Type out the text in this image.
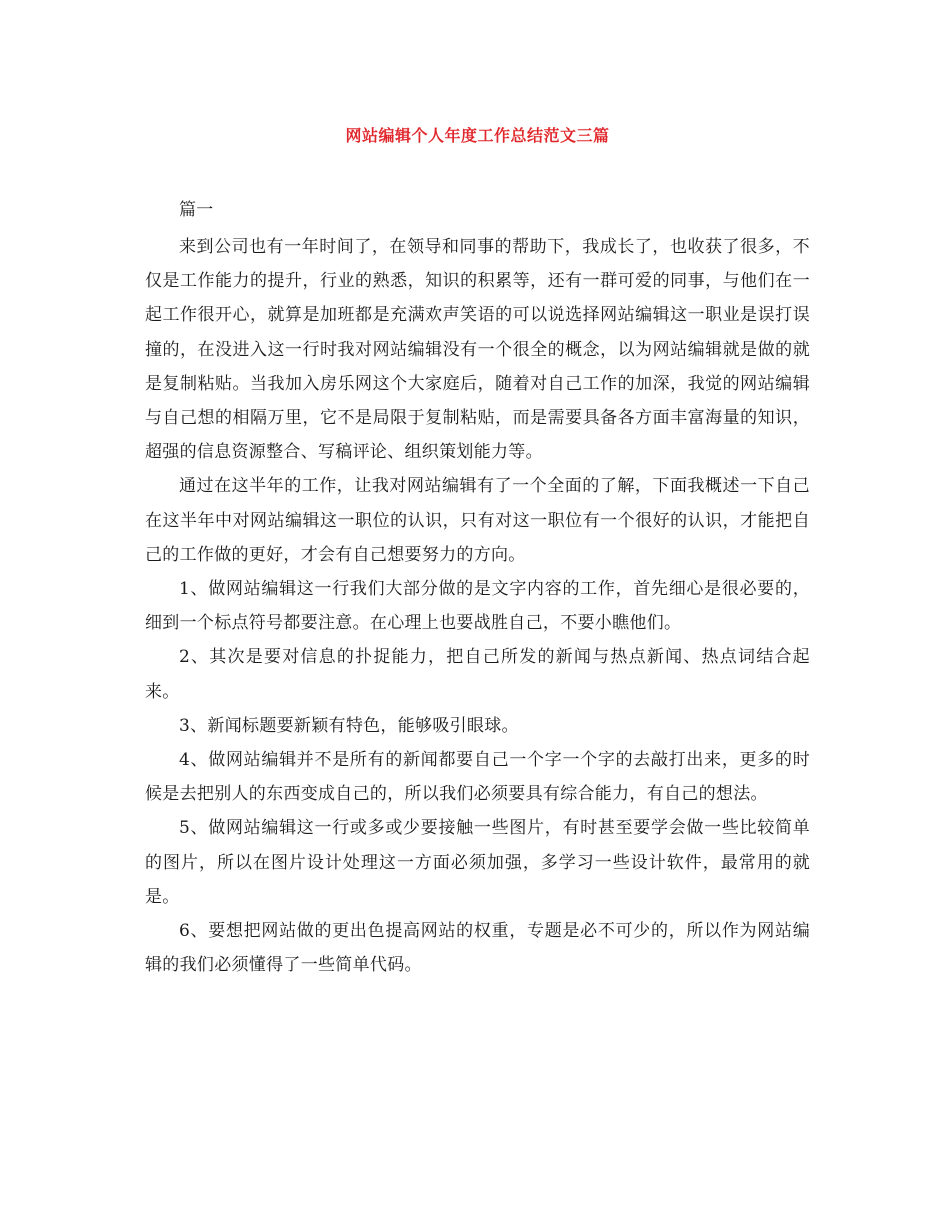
网站编辑个人年度工作总结范文三篇

篇一

来到公司也有一年时间了，在领导和同事的帮助下，我成长了，也收获了很多，不仅是工作能力的提升，行业的熟悉，知识的积累等，还有一群可爱的同事，与他们在一起工作很开心，就算是加班都是充满欢声笑语的可以说选择网站编辑这一职业是误打误撞的，在没进入这一行时我对网站编辑没有一个很全的概念，以为网站编辑就是做的就是复制粘贴。当我加入房乐网这个大家庭后，随着对自己工作的加深，我觉的网站编辑与自己想的相隔万里，它不是局限于复制粘贴，而是需要具备各方面丰富海量的知识，超强的信息资源整合、写稿评论、组织策划能力等。

通过在这半年的工作，让我对网站编辑有了一个全面的了解，下面我概述一下自己在这半年中对网站编辑这一职位的认识，只有对这一职位有一个很好的认识，才能把自己的工作做的更好，才会有自己想要努力的方向。

1、做网站编辑这一行我们大部分做的是文字内容的工作，首先细心是很必要的，细到一个标点符号都要注意。在心理上也要战胜自己，不要小瞧他们。

2、其次是要对信息的扑捉能力，把自己所发的新闻与热点新闻、热点词结合起来。

3、新闻标题要新颖有特色，能够吸引眼球。

4、做网站编辑并不是所有的新闻都要自己一个字一个字的去敲打出来，更多的时候是去把别人的东西变成自己的，所以我们必须要具有综合能力，有自己的想法。

5、做网站编辑这一行或多或少要接触一些图片，有时甚至要学会做一些比较简单的图片，所以在图片设计处理这一方面必须加强，多学习一些设计软件，最常用的就是。

6、要想把网站做的更出色提高网站的权重，专题是必不可少的，所以作为网站编辑的我们必须懂得了一些简单代码。
